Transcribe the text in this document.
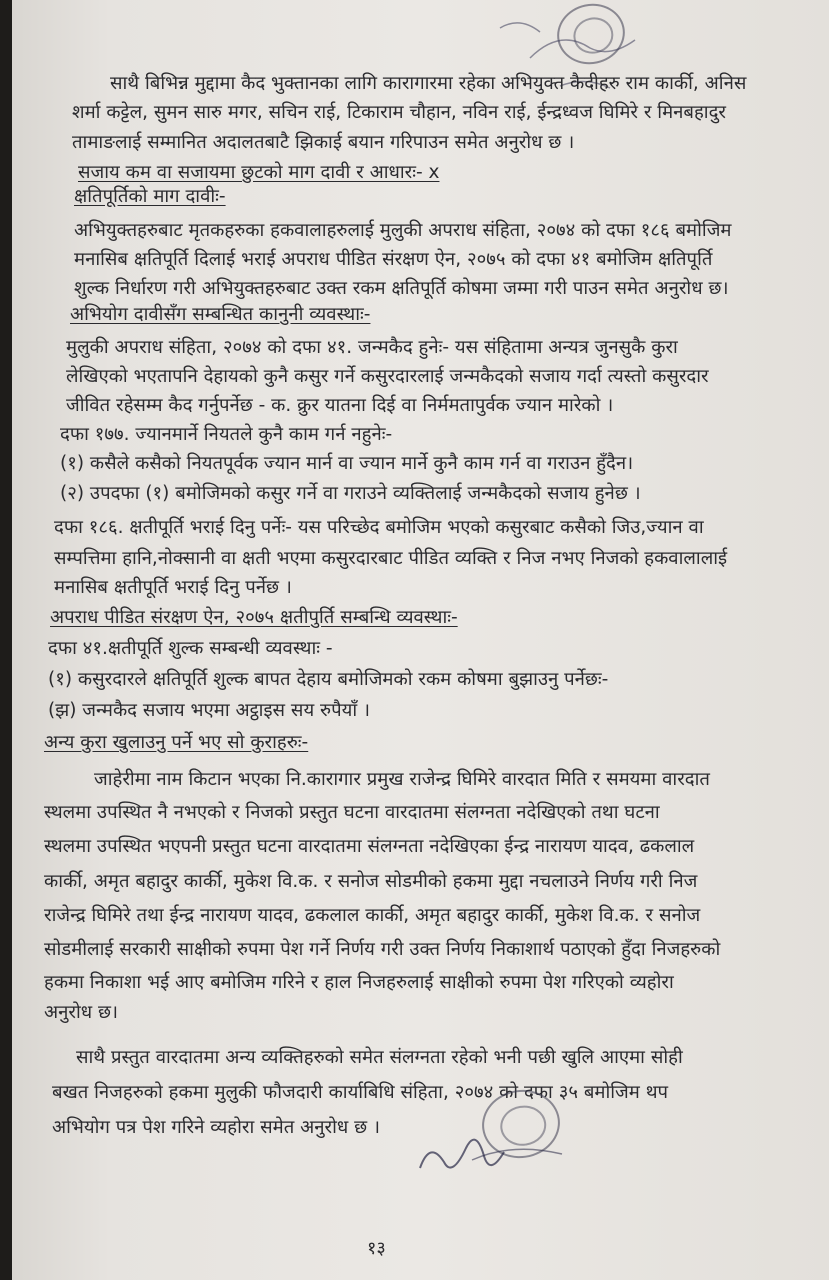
साथै बिभिन्न मुद्दामा कैद भुक्तानका लागि कारागारमा रहेका अभियुक्त कैदीहरु राम कार्की, अनिस
शर्मा कट्टेल, सुमन सारु मगर, सचिन राई, टिकाराम चौहान, नविन राई, ईन्द्रध्वज घिमिरे र मिनबहादुर
तामाङलाई सम्मानित अदालतबाटै झिकाई बयान गरिपाउन समेत अनुरोध छ ।
सजाय कम वा सजायमा छुटको माग दावी र आधारः- x
क्षतिपूर्तिको माग दावीः-
अभियुक्तहरुबाट मृतकहरुका हकवालाहरुलाई मुलुकी अपराध संहिता, २०७४ को दफा १८६ बमोजिम
मनासिब क्षतिपूर्ति दिलाई भराई अपराध पीडित संरक्षण ऐन, २०७५ को दफा ४१ बमोजिम क्षतिपूर्ति
शुल्क निर्धारण गरी अभियुक्तहरुबाट उक्त रकम क्षतिपूर्ति कोषमा जम्मा गरी पाउन समेत अनुरोध छ।
अभियोग दावीसँग सम्बन्धित कानुनी व्यवस्थाः-
मुलुकी अपराध संहिता, २०७४ को दफा ४१. जन्मकैद हुनेः- यस संहितामा अन्यत्र जुनसुकै कुरा
लेखिएको भएतापनि देहायको कुनै कसुर गर्ने कसुरदारलाई जन्मकैदको सजाय गर्दा त्यस्तो कसुरदार
जीवित रहेसम्म कैद गर्नुपर्नेछ - क. क्रुर यातना दिई वा निर्ममतापुर्वक ज्यान मारेको ।
दफा १७७. ज्यानमार्ने नियतले कुनै काम गर्न नहुनेः-
(१) कसैले कसैको नियतपूर्वक ज्यान मार्न वा ज्यान मार्ने कुनै काम गर्न वा गराउन हुँदैन।
(२) उपदफा (१) बमोजिमको कसुर गर्ने वा गराउने व्यक्तिलाई जन्मकैदको सजाय हुनेछ ।
दफा १८६. क्षतीपूर्ति भराई दिनु पर्नेः- यस परिच्छेद बमोजिम भएको कसुरबाट कसैको जिउ,ज्यान वा
सम्पत्तिमा हानि,नोक्सानी वा क्षती भएमा कसुरदारबाट पीडित व्यक्ति र निज नभए निजको हकवालालाई
मनासिब क्षतीपूर्ति भराई दिनु पर्नेछ ।
अपराध पीडित संरक्षण ऐन, २०७५ क्षतीपुर्ति सम्बन्धि व्यवस्थाः-
दफा ४१.क्षतीपूर्ति शुल्क सम्बन्धी व्यवस्थाः -
(१) कसुरदारले क्षतिपूर्ति शुल्क बापत देहाय बमोजिमको रकम कोषमा बुझाउनु पर्नेछः-
(झ) जन्मकैद सजाय भएमा अट्ठाइस सय रुपैयाँ ।
अन्य कुरा खुलाउनु पर्ने भए सो कुराहरुः-
जाहेरीमा नाम किटान भएका नि.कारागार प्रमुख राजेन्द्र घिमिरे वारदात मिति र समयमा वारदात
स्थलमा उपस्थित नै नभएको र निजको प्रस्तुत घटना वारदातमा संलग्नता नदेखिएको तथा घटना
स्थलमा उपस्थित भएपनी प्रस्तुत घटना वारदातमा संलग्नता नदेखिएका ईन्द्र नारायण यादव, ढकलाल
कार्की, अमृत बहादुर कार्की, मुकेश वि.क. र सनोज सोडमीको हकमा मुद्दा नचलाउने निर्णय गरी निज
राजेन्द्र घिमिरे तथा ईन्द्र नारायण यादव, ढकलाल कार्की, अमृत बहादुर कार्की, मुकेश वि.क. र सनोज
सोडमीलाई सरकारी साक्षीको रुपमा पेश गर्ने निर्णय गरी उक्त निर्णय निकाशार्थ पठाएको हुँदा निजहरुको
हकमा निकाशा भई आए बमोजिम गरिने र हाल निजहरुलाई साक्षीको रुपमा पेश गरिएको व्यहोरा
अनुरोध छ।
साथै प्रस्तुत वारदातमा अन्य व्यक्तिहरुको समेत संलग्नता रहेको भनी पछी खुलि आएमा सोही
बखत निजहरुको हकमा मुलुकी फौजदारी कार्याबिधि संहिता, २०७४ को दफा ३५ बमोजिम थप
अभियोग पत्र पेश गरिने व्यहोरा समेत अनुरोध छ ।
१३
